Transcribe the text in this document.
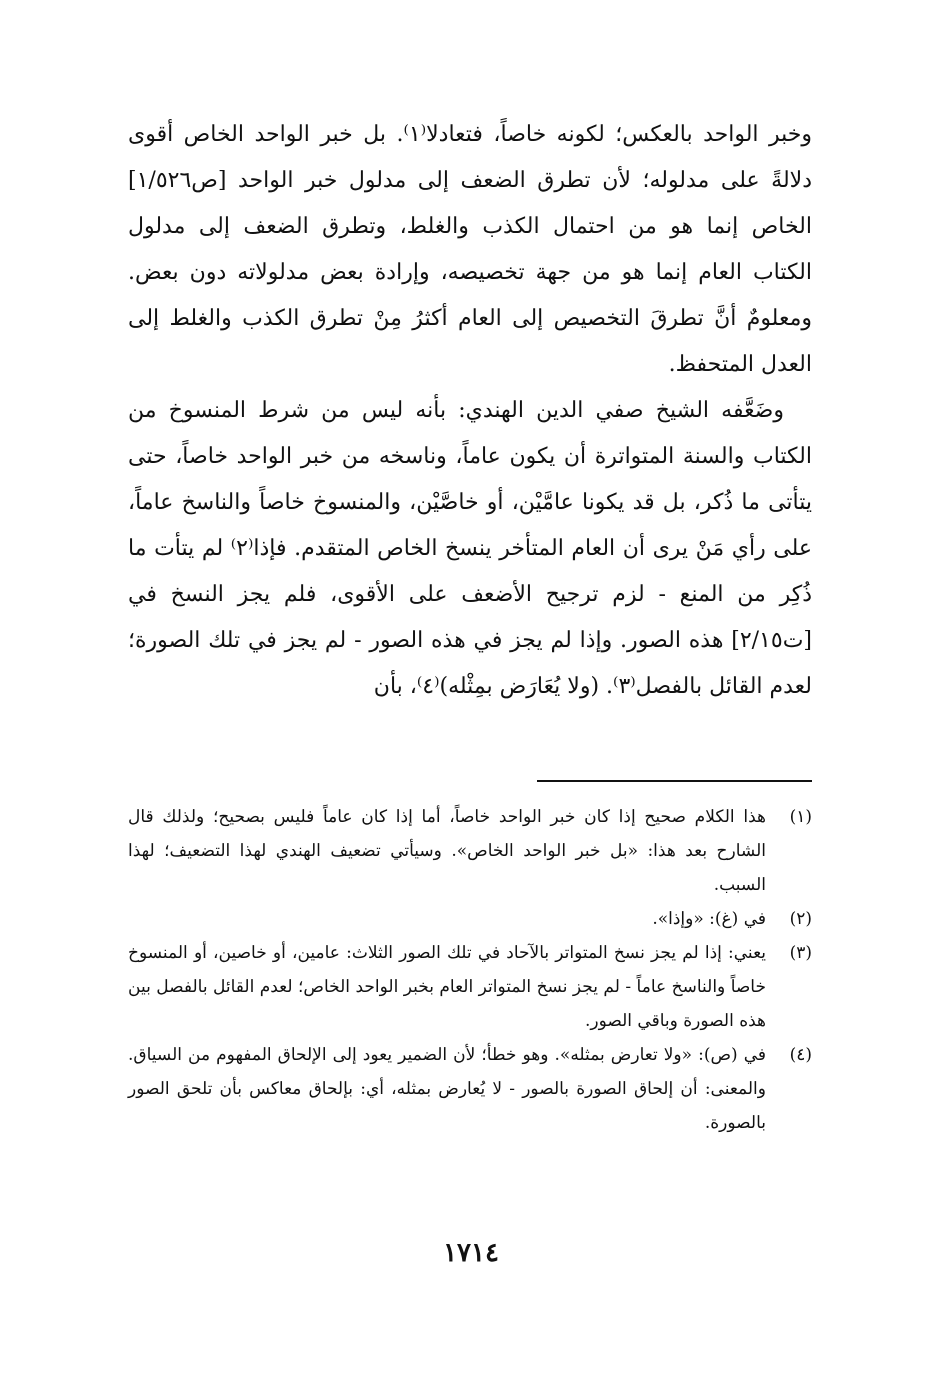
وخبر الواحد بالعكس؛ لكونه خاصاً، فتعادلا⁽١⁾. بل خبر الواحد الخاص أقوى دلالةً على مدلوله؛ لأن تطرق الضعف إلى مدلول خبر الواحد [ص١/٥٢٦] الخاص إنما هو من احتمال الكذب والغلط، وتطرق الضعف إلى مدلول الكتاب العام إنما هو من جهة تخصيصه، وإرادة بعض مدلولاته دون بعض. ومعلومٌ أنَّ تطرقَ التخصيص إلى العام أكثرُ مِنْ تطرق الكذب والغلط إلى العدل المتحفظ.

وضَعَّفه الشيخ صفي الدين الهندي: بأنه ليس من شرط المنسوخ من الكتاب والسنة المتواترة أن يكون عاماً، وناسخه من خبر الواحد خاصاً، حتى يتأتى ما ذُكر، بل قد يكونا عامَّيْن، أو خاصَّيْن، والمنسوخ خاصاً والناسخ عاماً، على رأي مَنْ يرى أن العام المتأخر ينسخ الخاص المتقدم. فإذا⁽٢⁾ لم يتأت ما ذُكِر من المنع - لزم ترجيح الأضعف على الأقوى، فلم يجز النسخ في [ت٢/١٥] هذه الصور. وإذا لم يجز في هذه الصور - لم يجز في تلك الصورة؛ لعدم القائل بالفصل⁽٣⁾. (ولا يُعَارَض بمِثْله)⁽٤⁾، بأن

(١)
هذا الكلام صحيح إذا كان خبر الواحد خاصاً، أما إذا كان عاماً فليس بصحيح؛ ولذلك قال الشارح بعد هذا: «بل خبر الواحد الخاص». وسيأتي تضعيف الهندي لهذا التضعيف؛ لهذا السبب.
(٢)
في (غ): «وإذا».
(٣)
يعني: إذا لم يجز نسخ المتواتر بالآحاد في تلك الصور الثلاث: عامين، أو خاصين، أو المنسوخ خاصاً والناسخ عاماً - لم يجز نسخ المتواتر العام بخبر الواحد الخاص؛ لعدم القائل بالفصل بين هذه الصورة وباقي الصور.
(٤)
في (ص): «ولا تعارض بمثله». وهو خطأ؛ لأن الضمير يعود إلى الإلحاق المفهوم من السياق. والمعنى: أن إلحاق الصورة بالصور - لا يُعارض بمثله، أي: بإلحاق معاكس بأن تلحق الصور بالصورة.
١٧١٤
